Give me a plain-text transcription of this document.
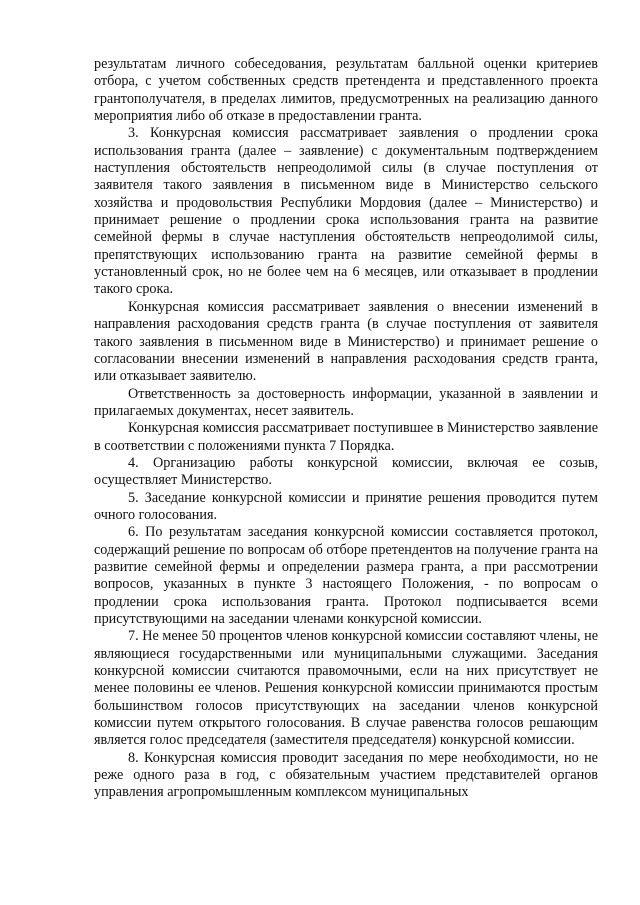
результатам личного собеседования, результатам балльной оценки критериев отбора, с учетом собственных средств претендента и представленного проекта грантополучателя, в пределах лимитов, предусмотренных на реализацию данного мероприятия либо об отказе в предоставлении гранта.

3. Конкурсная комиссия рассматривает заявления о продлении срока использования гранта (далее – заявление) с документальным подтверждением наступления обстоятельств непреодолимой силы (в случае поступления от заявителя такого заявления в письменном виде в Министерство сельского хозяйства и продовольствия Республики Мордовия (далее – Министерство) и принимает решение о продлении срока использования гранта на развитие семейной фермы в случае наступления обстоятельств непреодолимой силы, препятствующих использованию гранта на развитие семейной фермы в установленный срок, но не более чем на 6 месяцев, или отказывает в продлении такого срока.

Конкурсная комиссия рассматривает заявления о внесении изменений в направления расходования средств гранта (в случае поступления от заявителя такого заявления в письменном виде в Министерство) и принимает решение о согласовании внесении изменений в направления расходования средств гранта, или отказывает заявителю.

Ответственность за достоверность информации, указанной в заявлении и прилагаемых документах, несет заявитель.

Конкурсная комиссия рассматривает поступившее в Министерство заявление в соответствии с положениями пункта 7 Порядка.

4. Организацию работы конкурсной комиссии, включая ее созыв, осуществляет Министерство.

5. Заседание конкурсной комиссии и принятие решения проводится путем очного голосования.

6. По результатам заседания конкурсной комиссии составляется протокол, содержащий решение по вопросам об отборе претендентов на получение гранта на развитие семейной фермы и определении размера гранта, а при рассмотрении вопросов, указанных в пункте 3 настоящего Положения, - по вопросам о продлении срока использования гранта. Протокол подписывается всеми присутствующими на заседании членами конкурсной комиссии.

7. Не менее 50 процентов членов конкурсной комиссии составляют члены, не являющиеся государственными или муниципальными служащими. Заседания конкурсной комиссии считаются правомочными, если на них присутствует не менее половины ее членов. Решения конкурсной комиссии принимаются простым большинством голосов присутствующих на заседании членов конкурсной комиссии путем открытого голосования. В случае равенства голосов решающим является голос председателя (заместителя председателя) конкурсной комиссии.

8. Конкурсная комиссия проводит заседания по мере необходимости, но не реже одного раза в год, с обязательным участием представителей органов управления агропромышленным комплексом муниципальных
